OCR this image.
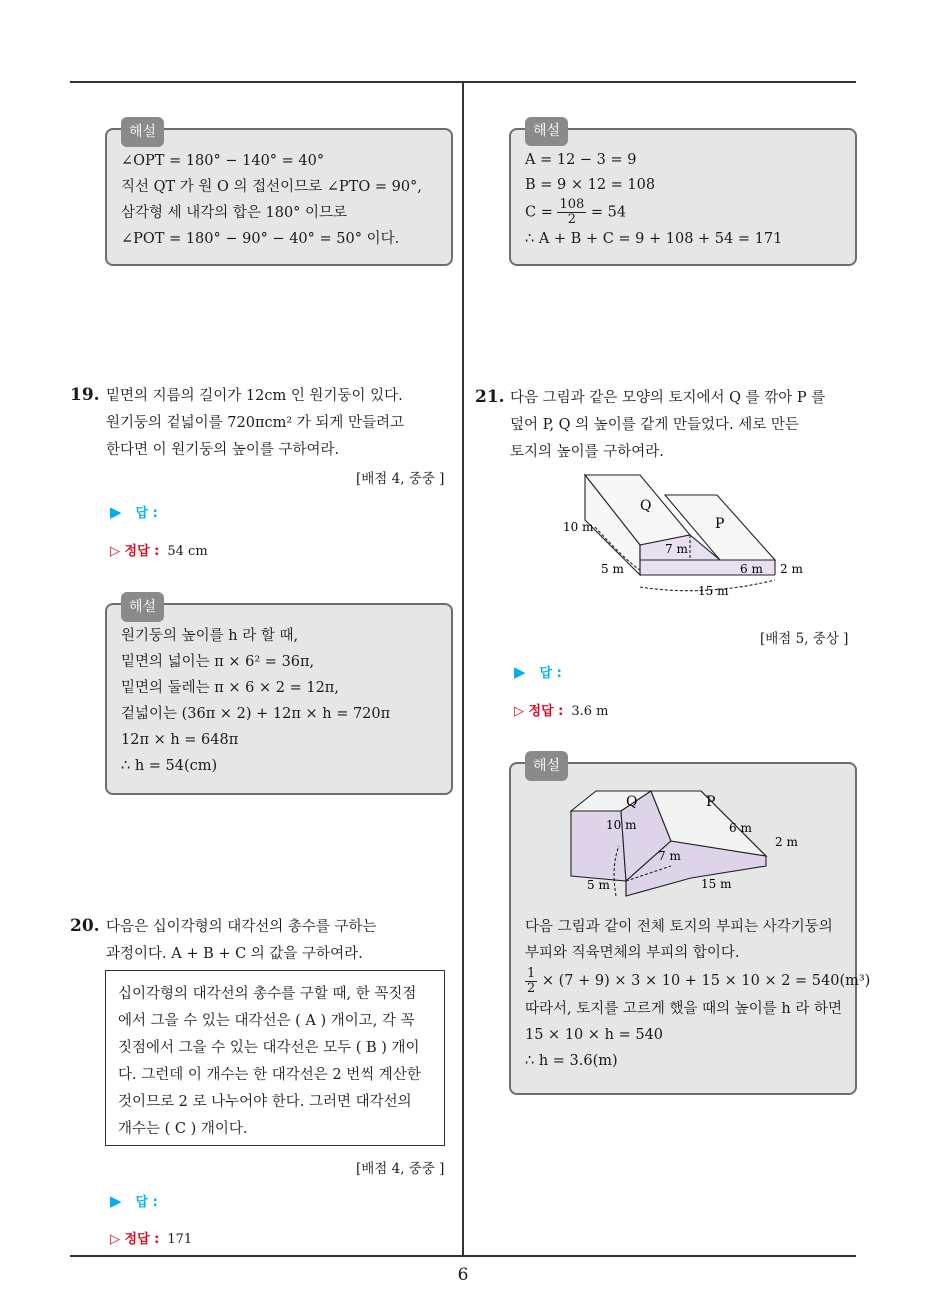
해설
∠OPT = 180° − 140° = 40°
직선 QT 가 원 O 의 접선이므로 ∠PTO = 90°,
삼각형 세 내각의 합은 180° 이므로
∠POT = 180° − 90° − 40° = 50° 이다.
해설
A = 12 − 3 = 9
B = 9 × 12 = 108
$C = \frac{108}{2} = 54$
∴ A + B + C = 9 + 108 + 54 = 171
19. 밑면의 지름의 길이가 12cm 인 원기둥이 있다.
원기둥의 겉넓이를 720πcm² 가 되게 만들려고
한다면 이 원기둥의 높이를 구하여라.
[배점 4, 중중 ]
▶ 답 :
▷ 정답 : 54 cm
해설
원기둥의 높이를 h 라 할 때,
밑면의 넓이는 π × 6² = 36π,
밑면의 둘레는 π × 6 × 2 = 12π,
겉넓이는 (36π × 2) + 12π × h = 720π
12π × h = 648π
∴ h = 54(cm)
20. 다음은 십이각형의 대각선의 총수를 구하는
과정이다. A + B + C 의 값을 구하여라.
십이각형의 대각선의 총수를 구할 때, 한 꼭짓점
에서 그을 수 있는 대각선은 ( A ) 개이고, 각 꼭
짓점에서 그을 수 있는 대각선은 모두 ( B ) 개이
다. 그런데 이 개수는 한 대각선은 2 번씩 계산한
것이므로 2 로 나누어야 한다. 그러면 대각선의
개수는 ( C ) 개이다.
[배점 4, 중중 ]
▶ 답 :
▷ 정답 : 171
21. 다음 그림과 같은 모양의 토지에서 Q 를 깎아 P 를
덮어 P, Q 의 높이를 같게 만들었다. 세로 만든
토지의 높이를 구하여라.
Q
P
10 m
7 m
5 m	6 m 2 m
15 m
[배점 5, 중상 ]
▶ 답 :
▷ 정답 : 3.6 m
해설
Q	P
10 m	6 m
2 m
7 m
5 m	15 m
다음 그림과 같이 전체 토지의 부피는 사각기둥의
부피와 직육면체의 부피의 합이다.
$\frac{1}{2} \times (7 + 9) \times 3 \times 10 + 15 \times 10 \times 2 = 540(m^3)$
따라서, 토지를 고르게 했을 때의 높이를 h 라 하면
15 × 10 × h = 540
∴ h = 3.6(m)
6
